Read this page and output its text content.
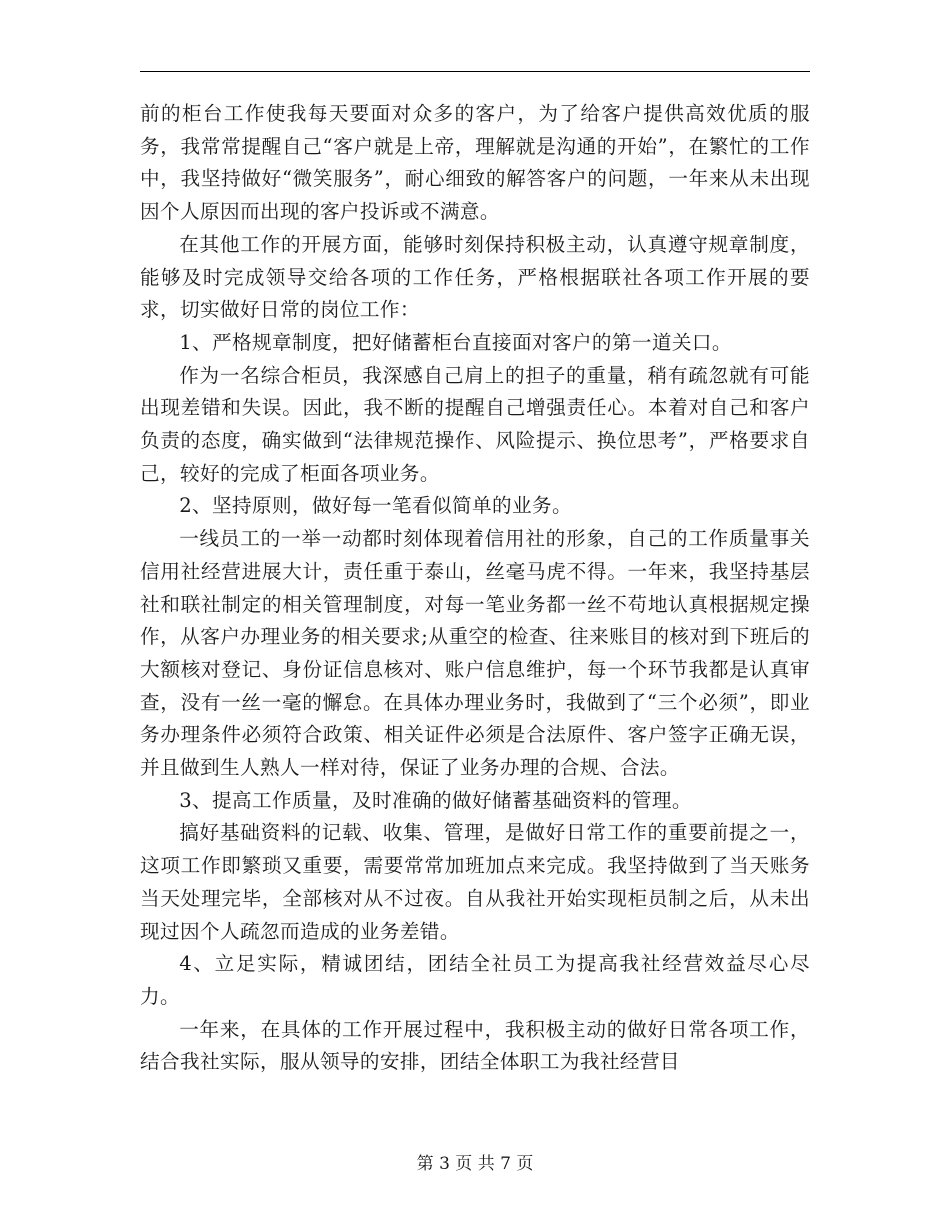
前的柜台工作使我每天要面对众多的客户，为了给客户提供高效优质的服务，我常常提醒自己“客户就是上帝，理解就是沟通的开始”，在繁忙的工作中，我坚持做好“微笑服务”，耐心细致的解答客户的问题，一年来从未出现因个人原因而出现的客户投诉或不满意。

在其他工作的开展方面，能够时刻保持积极主动，认真遵守规章制度，能够及时完成领导交给各项的工作任务，严格根据联社各项工作开展的要求，切实做好日常的岗位工作：

1、严格规章制度，把好储蓄柜台直接面对客户的第一道关口。

作为一名综合柜员，我深感自己肩上的担子的重量，稍有疏忽就有可能出现差错和失误。因此，我不断的提醒自己增强责任心。本着对自己和客户负责的态度，确实做到“法律规范操作、风险提示、换位思考”，严格要求自己，较好的完成了柜面各项业务。

2、坚持原则，做好每一笔看似简单的业务。

一线员工的一举一动都时刻体现着信用社的形象，自己的工作质量事关信用社经营进展大计，责任重于泰山，丝毫马虎不得。一年来，我坚持基层社和联社制定的相关管理制度，对每一笔业务都一丝不苟地认真根据规定操作，从客户办理业务的相关要求;从重空的检查、往来账目的核对到下班后的大额核对登记、身份证信息核对、账户信息维护，每一个环节我都是认真审查，没有一丝一毫的懈怠。在具体办理业务时，我做到了“三个必须”，即业务办理条件必须符合政策、相关证件必须是合法原件、客户签字正确无误，并且做到生人熟人一样对待，保证了业务办理的合规、合法。

3、提高工作质量，及时准确的做好储蓄基础资料的管理。

搞好基础资料的记载、收集、管理，是做好日常工作的重要前提之一，这项工作即繁琐又重要，需要常常加班加点来完成。我坚持做到了当天账务当天处理完毕，全部核对从不过夜。自从我社开始实现柜员制之后，从未出现过因个人疏忽而造成的业务差错。

4、立足实际，精诚团结，团结全社员工为提高我社经营效益尽心尽力。

一年来，在具体的工作开展过程中，我积极主动的做好日常各项工作，结合我社实际，服从领导的安排，团结全体职工为我社经营目

第 3 页 共 7 页
